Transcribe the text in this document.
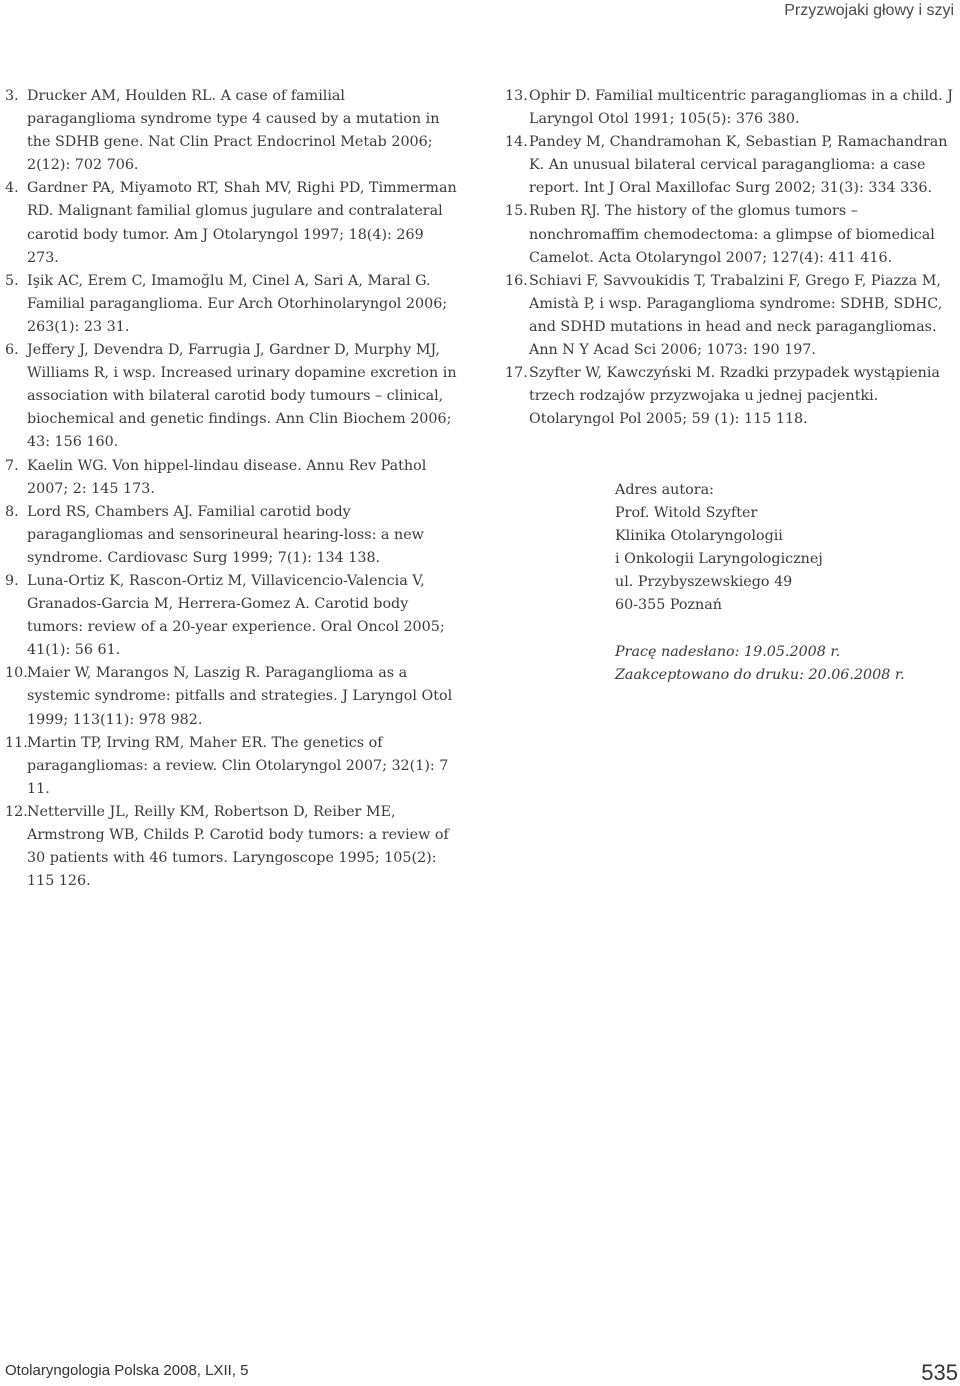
Przyzwojaki głowy i szyi
3. Drucker AM, Houlden RL. A case of familial paraganglioma syndrome type 4 caused by a mutation in the SDHB gene. Nat Clin Pract Endocrinol Metab 2006; 2(12): 702 706.
4. Gardner PA, Miyamoto RT, Shah MV, Righi PD, Timmerman RD. Malignant familial glomus jugulare and contralateral carotid body tumor. Am J Otolaryngol 1997; 18(4): 269 273.
5. Işik AC, Erem C, Imamoğlu M, Cinel A, Sari A, Maral G. Familial paraganglioma. Eur Arch Otorhinolaryngol 2006; 263(1): 23 31.
6. Jeffery J, Devendra D, Farrugia J, Gardner D, Murphy MJ, Williams R, i wsp. Increased urinary dopamine excretion in association with bilateral carotid body tumours – clinical, biochemical and genetic findings. Ann Clin Biochem 2006; 43: 156 160.
7. Kaelin WG. Von hippel-lindau disease. Annu Rev Pathol 2007; 2: 145 173.
8. Lord RS, Chambers AJ. Familial carotid body paragangliomas and sensorineural hearing-loss: a new syndrome. Cardiovasc Surg 1999; 7(1): 134 138.
9. Luna-Ortiz K, Rascon-Ortiz M, Villavicencio-Valencia V, Granados-Garcia M, Herrera-Gomez A. Carotid body tumors: review of a 20-year experience. Oral Oncol 2005; 41(1): 56 61.
10. Maier W, Marangos N, Laszig R. Paraganglioma as a systemic syndrome: pitfalls and strategies. J Laryngol Otol 1999; 113(11): 978 982.
11. Martin TP, Irving RM, Maher ER. The genetics of paragangliomas: a review. Clin Otolaryngol 2007; 32(1): 7 11.
12. Netterville JL, Reilly KM, Robertson D, Reiber ME, Armstrong WB, Childs P. Carotid body tumors: a review of 30 patients with 46 tumors. Laryngoscope 1995; 105(2): 115 126.
13. Ophir D. Familial multicentric paragangliomas in a child. J Laryngol Otol 1991; 105(5): 376 380.
14. Pandey M, Chandramohan K, Sebastian P, Ramachandran K. An unusual bilateral cervical paraganglioma: a case report. Int J Oral Maxillofac Surg 2002; 31(3): 334 336.
15. Ruben RJ. The history of the glomus tumors – nonchromaffim chemodectoma: a glimpse of biomedical Camelot. Acta Otolaryngol 2007; 127(4): 411 416.
16. Schiavi F, Savvoukidis T, Trabalzini F, Grego F, Piazza M, Amistà P, i wsp. Paraganglioma syndrome: SDHB, SDHC, and SDHD mutations in head and neck paragangliomas. Ann N Y Acad Sci 2006; 1073: 190 197.
17. Szyfter W, Kawczyński M. Rzadki przypadek wystąpienia trzech rodzajów przyzwojaka u jednej pacjentki. Otolaryngol Pol 2005; 59 (1): 115 118.
Adres autora:
Prof. Witold Szyfter
Klinika Otolaryngologii
i Onkologii Laryngologicznej
ul. Przybyszewskiego 49
60-355 Poznań
Pracę nadesłano: 19.05.2008 r.
Zaakceptowano do druku: 20.06.2008 r.
Otolaryngologia Polska 2008, LXII, 5	535
